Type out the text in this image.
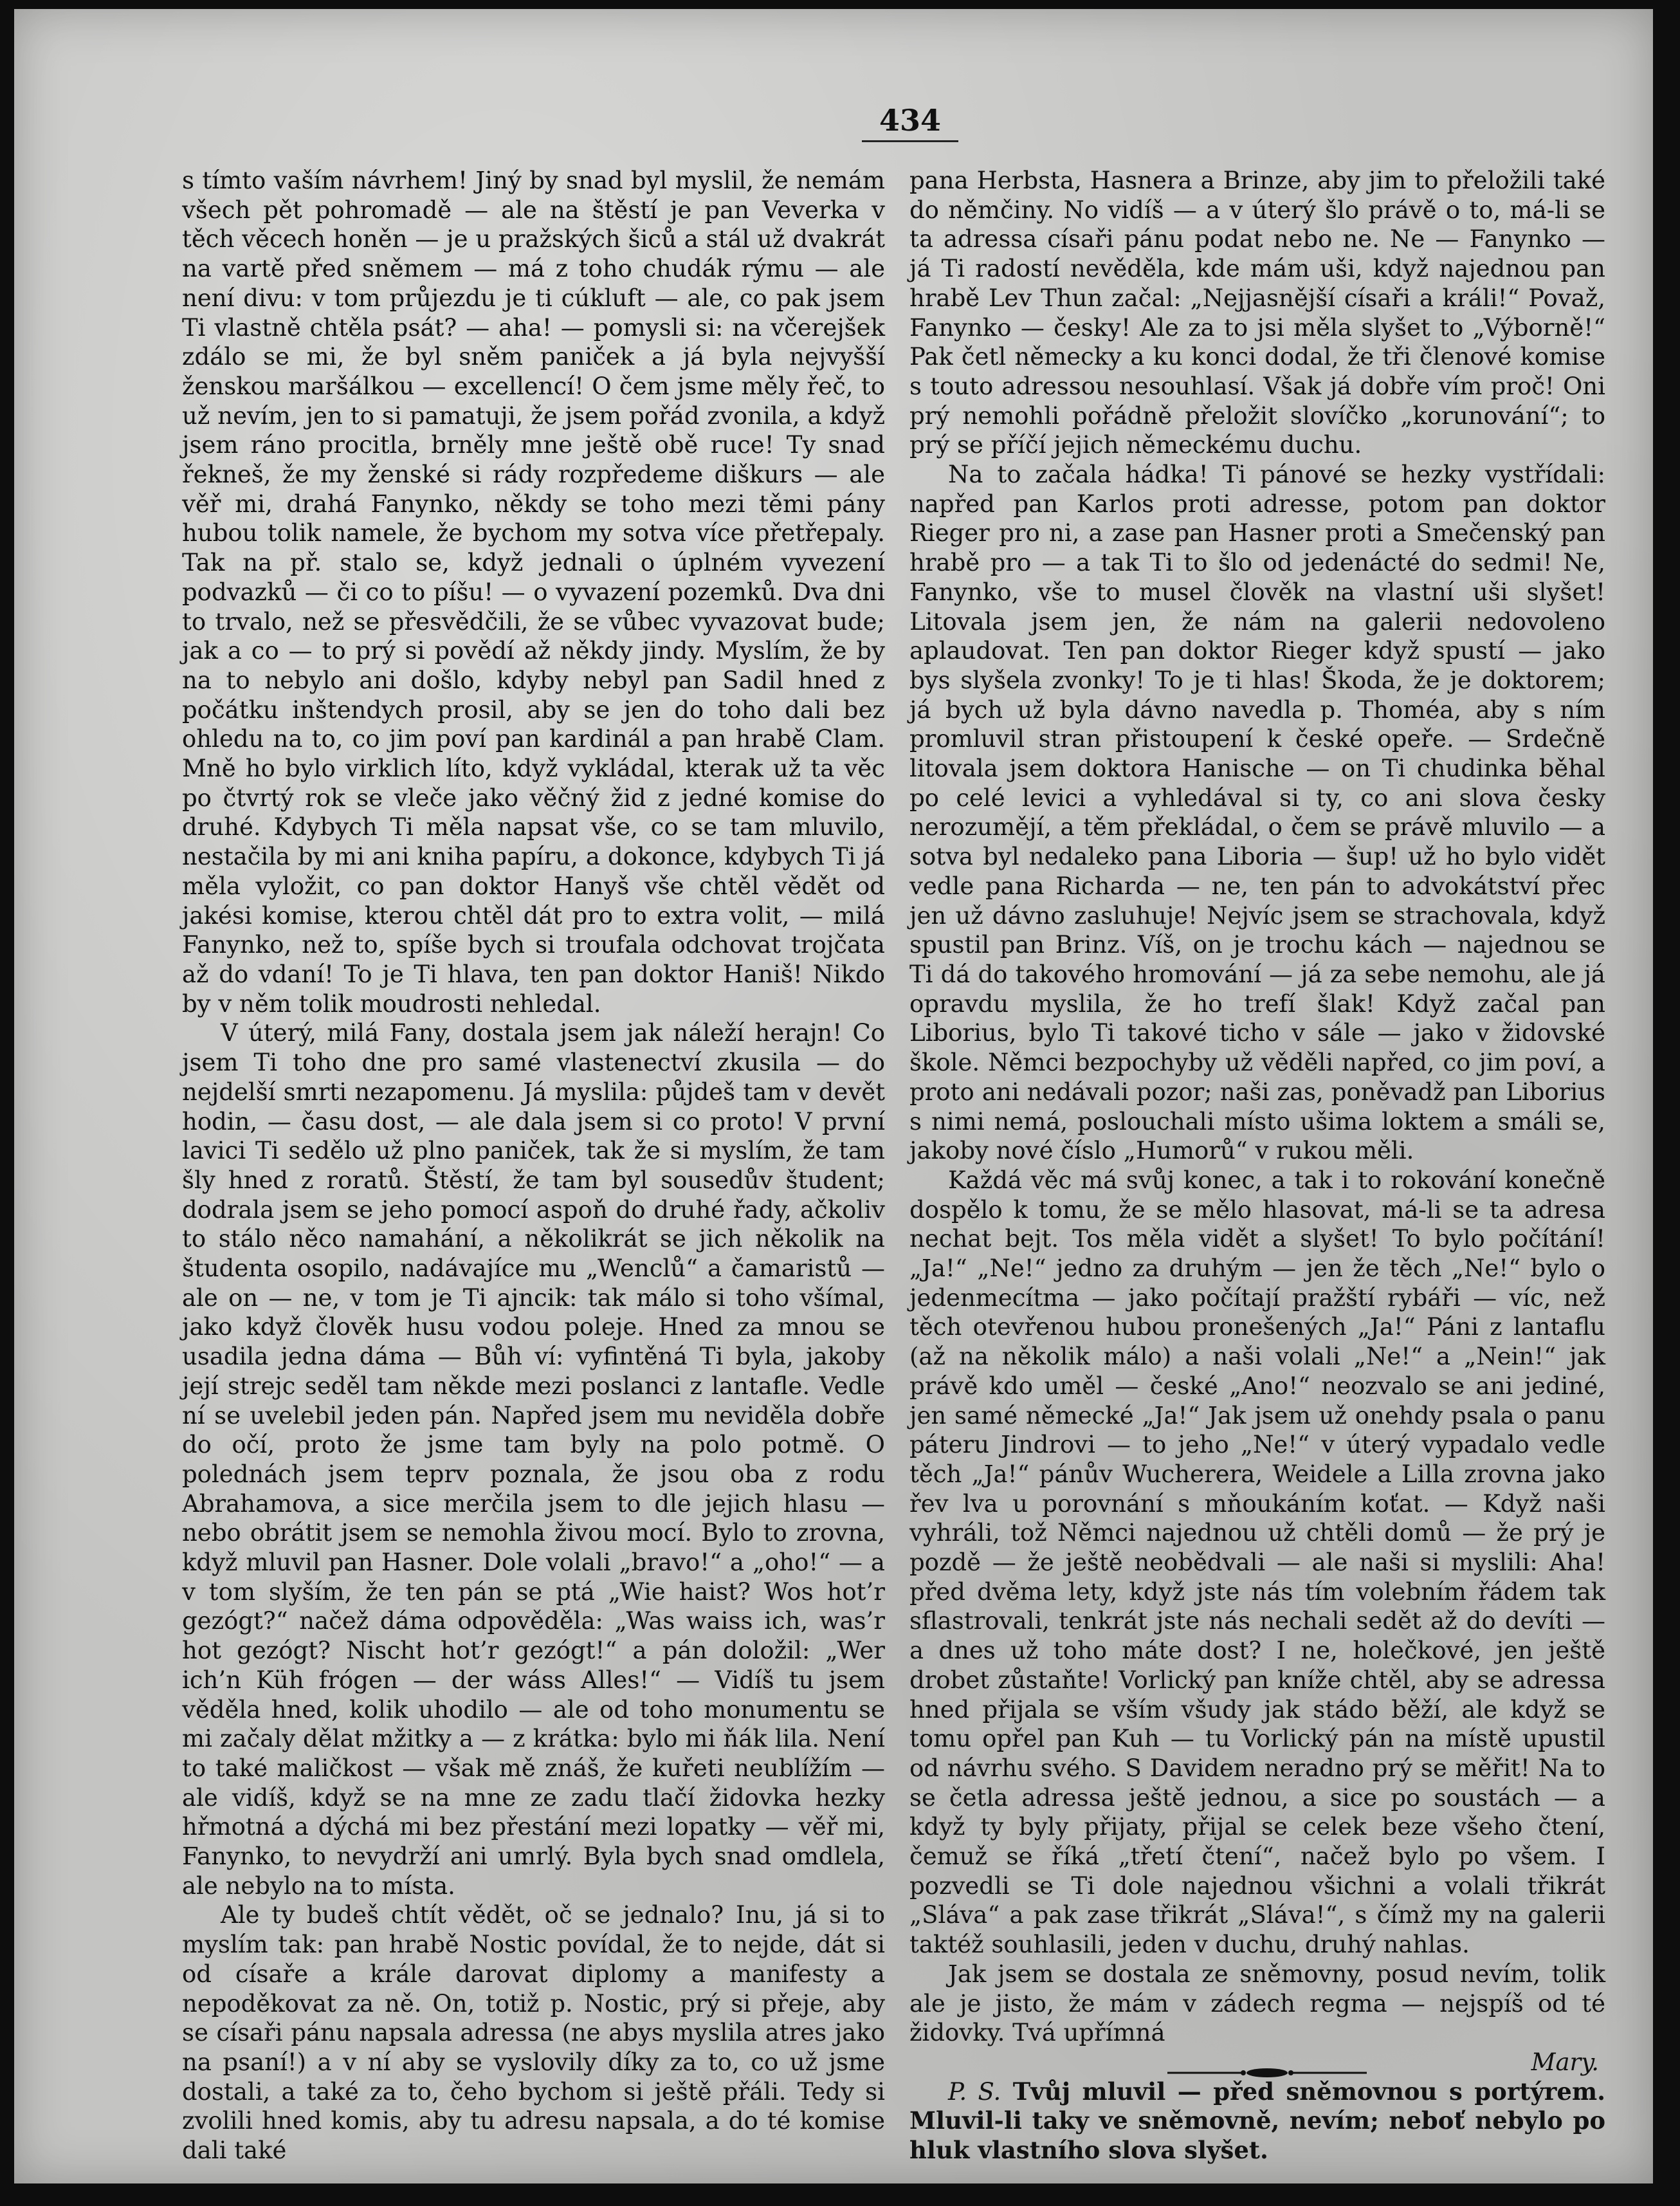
434

s tímto vaším návrhem! Jiný by snad byl myslil, že nemám všech pět pohromadě — ale na štěstí je pan Veverka v těch věcech honěn — je u pražských šiců a stál už dvakrát na vartě před sněmem — má z toho chudák rýmu — ale není divu: v tom průjezdu je ti cúkluft — ale, co pak jsem Ti vlastně chtěla psát? — aha! — pomysli si: na včerejšek zdálo se mi, že byl sněm paniček a já byla nejvyšší ženskou maršálkou — excellencí! O čem jsme měly řeč, to už nevím, jen to si pamatuji, že jsem pořád zvonila, a když jsem ráno procitla, brněly mne ještě obě ruce! Ty snad řekneš, že my ženské si rády rozpředeme diškurs — ale věř mi, drahá Fanynko, někdy se toho mezi těmi pány hubou tolik namele, že bychom my sotva více přetřepaly. Tak na př. stalo se, když jednali o úplném vyvezení podvazků — či co to píšu! — o vyvazení pozemků. Dva dni to trvalo, než se přesvědčili, že se vůbec vyvazovat bude; jak a co — to prý si povědí až někdy jindy. Myslím, že by na to nebylo ani došlo, kdyby nebyl pan Sadil hned z počátku inštendych prosil, aby se jen do toho dali bez ohledu na to, co jim poví pan kardinál a pan hrabě Clam. Mně ho bylo virklich líto, když vykládal, kterak už ta věc po čtvrtý rok se vleče jako věčný žid z jedné komise do druhé. Kdybych Ti měla napsat vše, co se tam mluvilo, nestačila by mi ani kniha papíru, a dokonce, kdybych Ti já měla vyložit, co pan doktor Hanyš vše chtěl vědět od jakési komise, kterou chtěl dát pro to extra volit, — milá Fanynko, než to, spíše bych si troufala odchovat trojčata až do vdaní! To je Ti hlava, ten pan doktor Haniš! Nikdo by v něm tolik moudrosti nehledal.

V úterý, milá Fany, dostala jsem jak náleží herajn! Co jsem Ti toho dne pro samé vlastenectví zkusila — do nejdelší smrti nezapomenu. Já myslila: půjdeš tam v devět hodin, — času dost, — ale dala jsem si co proto! V první lavici Ti sedělo už plno paniček, tak že si myslím, že tam šly hned z roratů. Štěstí, že tam byl sousedův študent; dodrala jsem se jeho pomocí aspoň do druhé řady, ačkoliv to stálo něco namahání, a několikrát se jich několik na študenta osopilo, nadávajíce mu „Wenclů“ a čamaristů — ale on — ne, v tom je Ti ajncik: tak málo si toho všímal, jako když člověk husu vodou poleje. Hned za mnou se usadila jedna dáma — Bůh ví: vyfintěná Ti byla, jakoby její strejc seděl tam někde mezi poslanci z lantafle. Vedle ní se uvelebil jeden pán. Napřed jsem mu neviděla dobře do očí, proto že jsme tam byly na polo potmě. O polednách jsem teprv poznala, že jsou oba z rodu Abrahamova, a sice merčila jsem to dle jejich hlasu — nebo obrátit jsem se nemohla živou mocí. Bylo to zrovna, když mluvil pan Hasner. Dole volali „bravo!“ a „oho!“ — a v tom slyším, že ten pán se ptá „Wie haist? Wos hot’r gezógt?“ načež dáma odpověděla: „Was waiss ich, was’r hot gezógt? Nischt hot’r gezógt!“ a pán doložil: „Wer ich’n Küh frógen — der wáss Alles!“ — Vidíš tu jsem věděla hned, kolik uhodilo — ale od toho monumentu se mi začaly dělat mžitky a — z krátka: bylo mi ňák lila. Není to také maličkost — však mě znáš, že kuřeti neublížím — ale vidíš, když se na mne ze zadu tlačí židovka hezky hřmotná a dýchá mi bez přestání mezi lopatky — věř mi, Fanynko, to nevydrží ani umrlý. Byla bych snad omdlela, ale nebylo na to místa.

Ale ty budeš chtít vědět, oč se jednalo? Inu, já si to myslím tak: pan hrabě Nostic povídal, že to nejde, dát si od císaře a krále darovat diplomy a manifesty a nepoděkovat za ně. On, totiž p. Nostic, prý si přeje, aby se císaři pánu napsala adressa (ne abys myslila atres jako na psaní!) a v ní aby se vyslovily díky za to, co už jsme dostali, a také za to, čeho bychom si ještě přáli. Tedy si zvolili hned komis, aby tu adresu napsala, a do té komise dali také

pana Herbsta, Hasnera a Brinze, aby jim to přeložili také do němčiny. No vidíš — a v úterý šlo právě o to, má-li se ta adressa císaři pánu podat nebo ne. Ne — Fanynko — já Ti radostí nevěděla, kde mám uši, když najednou pan hrabě Lev Thun začal: „Nejjasnější císaři a králi!“ Považ, Fanynko — česky! Ale za to jsi měla slyšet to „Výborně!“ Pak četl německy a ku konci dodal, že tři členové komise s touto adressou nesouhlasí. Však já dobře vím proč! Oni prý nemohli pořádně přeložit slovíčko „korunování“; to prý se příčí jejich německému duchu.

Na to začala hádka! Ti pánové se hezky vystřídali: napřed pan Karlos proti adresse, potom pan doktor Rieger pro ni, a zase pan Hasner proti a Smečenský pan hrabě pro — a tak Ti to šlo od jedenácté do sedmi! Ne, Fanynko, vše to musel člověk na vlastní uši slyšet! Litovala jsem jen, že nám na galerii nedovoleno aplaudovat. Ten pan doktor Rieger když spustí — jako bys slyšela zvonky! To je ti hlas! Škoda, že je doktorem; já bych už byla dávno navedla p. Thoméa, aby s ním promluvil stran přistoupení k české opeře. — Srdečně litovala jsem doktora Hanische — on Ti chudinka běhal po celé levici a vyhledával si ty, co ani slova česky nerozumějí, a těm překládal, o čem se právě mluvilo — a sotva byl nedaleko pana Liboria — šup! už ho bylo vidět vedle pana Richarda — ne, ten pán to advokátství přec jen už dávno zasluhuje! Nejvíc jsem se strachovala, když spustil pan Brinz. Víš, on je trochu kách — najednou se Ti dá do takového hromování — já za sebe nemohu, ale já opravdu myslila, že ho trefí šlak! Když začal pan Liborius, bylo Ti takové ticho v sále — jako v židovské škole. Němci bezpochyby už věděli napřed, co jim poví, a proto ani nedávali pozor; naši zas, poněvadž pan Liborius s nimi nemá, poslouchali místo ušima loktem a smáli se, jakoby nové číslo „Humorů“ v rukou měli.

Každá věc má svůj konec, a tak i to rokování konečně dospělo k tomu, že se mělo hlasovat, má-li se ta adresa nechat bejt. Tos měla vidět a slyšet! To bylo počítání! „Ja!“ „Ne!“ jedno za druhým — jen že těch „Ne!“ bylo o jedenmecítma — jako počítají pražští rybáři — víc, než těch otevřenou hubou pronešených „Ja!“ Páni z lantaflu (až na několik málo) a naši volali „Ne!“ a „Nein!“ jak právě kdo uměl — české „Ano!“ neozvalo se ani jediné, jen samé německé „Ja!“ Jak jsem už onehdy psala o panu páteru Jindrovi — to jeho „Ne!“ v úterý vypadalo vedle těch „Ja!“ pánův Wucherera, Weidele a Lilla zrovna jako řev lva u porovnání s mňoukáním koťat. — Když naši vyhráli, tož Němci najednou už chtěli domů — že prý je pozdě — že ještě neobědvali — ale naši si myslili: Aha! před dvěma lety, když jste nás tím volebním řádem tak sflastrovali, tenkrát jste nás nechali sedět až do devíti — a dnes už toho máte dost? I ne, holečkové, jen ještě drobet zůstaňte! Vorlický pan kníže chtěl, aby se adressa hned přijala se vším všudy jak stádo běží, ale když se tomu opřel pan Kuh — tu Vorlický pán na místě upustil od návrhu svého. S Davidem neradno prý se měřit! Na to se četla adressa ještě jednou, a sice po soustách — a když ty byly přijaty, přijal se celek beze všeho čtení, čemuž se říká „třetí čtení“, načež bylo po všem. I pozvedli se Ti dole najednou všichni a volali třikrát „Sláva“ a pak zase třikrát „Sláva!“, s čímž my na galerii taktéž souhlasili, jeden v duchu, druhý nahlas.

Jak jsem se dostala ze sněmovny, posud nevím, tolik ale je jisto, že mám v zádech regma — nejspíš od té židovky. Tvá upřímná

Mary.

P. S. Tvůj mluvil — před sněmovnou s portýrem. Mluvil-li taky ve sněmovně, nevím; neboť nebylo po hluk vlastního slova slyšet.
